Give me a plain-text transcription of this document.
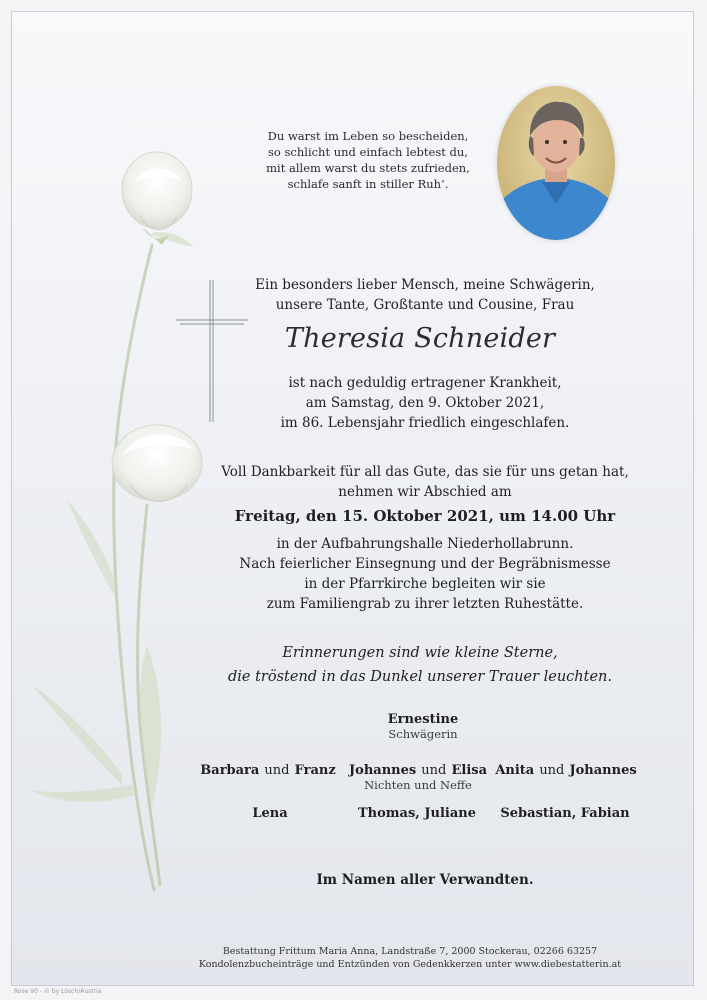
Du warst im Leben so bescheiden,
so schlicht und einfach lebtest du,
mit allem warst du stets zufrieden,
schlafe sanft in stiller Ruh‘.
Ein besonders lieber Mensch, meine Schwägerin,
unsere Tante, Großtante und Cousine, Frau
Theresia Schneider
ist nach geduldig ertragener Krankheit,
am Samstag, den 9. Oktober 2021,
im 86. Lebensjahr friedlich eingeschlafen.
Voll Dankbarkeit für all das Gute, das sie für uns getan hat,
nehmen wir Abschied am
Freitag, den 15. Oktober 2021, um 14.00 Uhr
in der Aufbahrungshalle Niederhollabrunn.
Nach feierlicher Einsegnung und der Begräbnismesse
in der Pfarrkirche begleiten wir sie
zum Familiengrab zu ihrer letzten Ruhestätte.
Erinnerungen sind wie kleine Sterne,
die tröstend in das Dunkel unserer Trauer leuchten.
Ernestine
Schwägerin
Barbara und Franz	Johannes und Elisa
Nichten und Neffe
Anita und Johannes
Lena	Thomas, Juliane	Sebastian, Fabian
Im Namen aller Verwandten.
Bestattung Frittum Maria Anna, Landstraße 7, 2000 Stockerau, 02266 63257
Kondolenzbucheinträge und Entzünden von Gedenkkerzen unter www.diebestatterin.at
Rose 90 - © by Lösch/Austria
